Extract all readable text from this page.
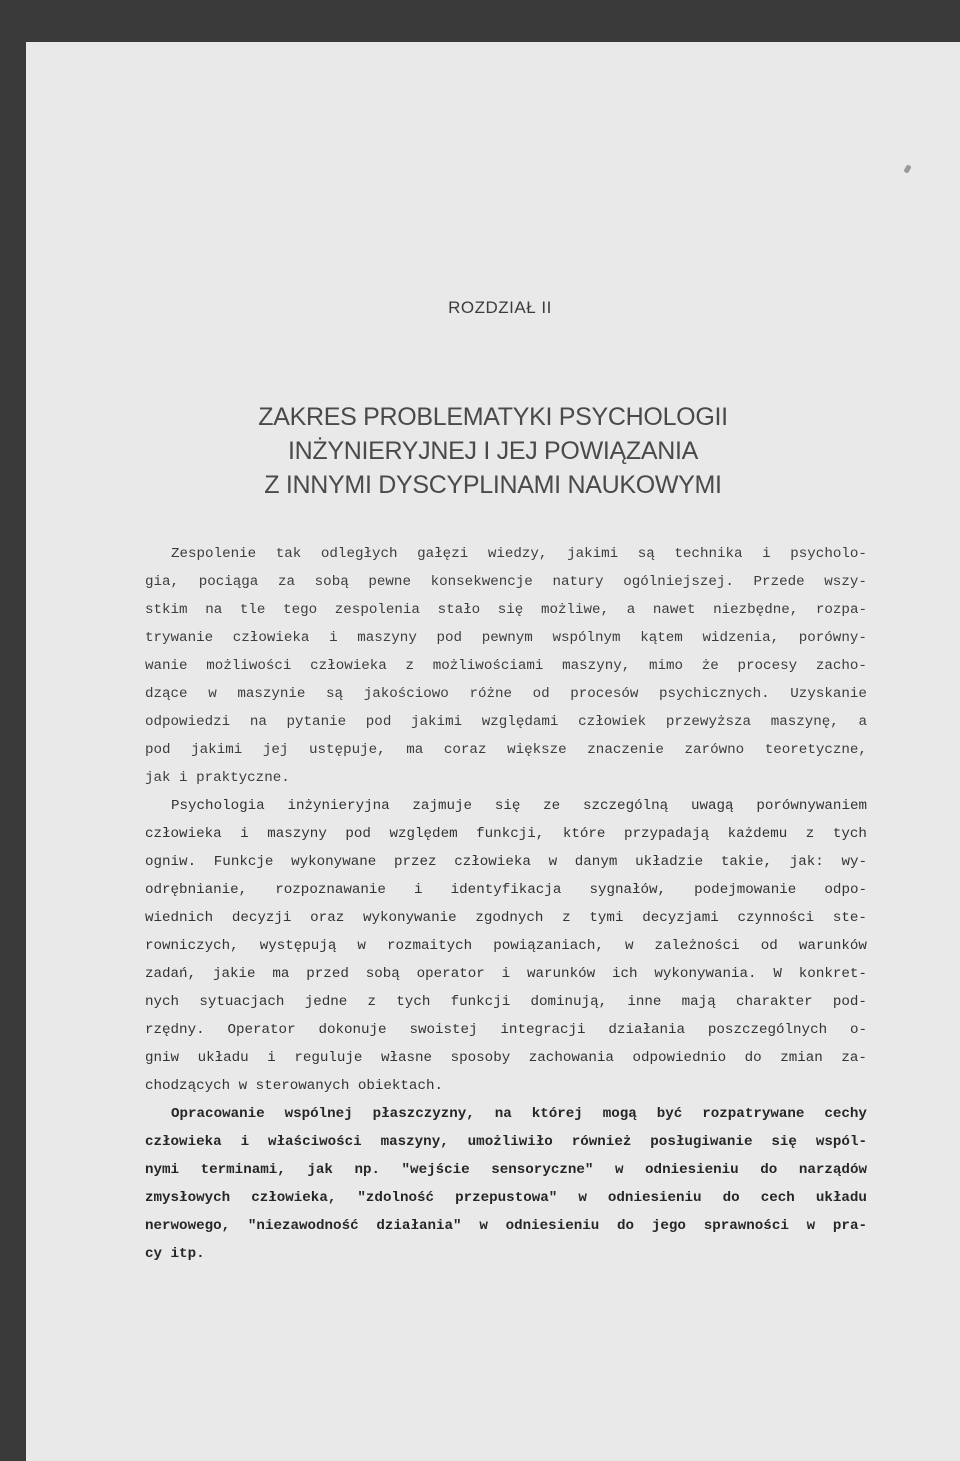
ROZDZIAŁ II
ZAKRES PROBLEMATYKI PSYCHOLOGII
INŻYNIERYJNEJ I JEJ POWIĄZANIA
Z INNYMI DYSCYPLINAMI NAUKOWYMI
Zespolenie tak odległych gałęzi wiedzy, jakimi są technika i psycholo-
gia, pociąga za sobą pewne konsekwencje natury ogólniejszej. Przede wszy-
stkim na tle tego zespolenia stało się możliwe, a nawet niezbędne, rozpa-
trywanie człowieka i maszyny pod pewnym wspólnym kątem widzenia, porówny-
wanie możliwości człowieka z możliwościami maszyny, mimo że procesy zacho-
dzące w maszynie są jakościowo różne od procesów psychicznych. Uzyskanie
odpowiedzi na pytanie pod jakimi względami człowiek przewyższa maszynę, a
pod jakimi jej ustępuje, ma coraz większe znaczenie zarówno teoretyczne,
jak i praktyczne.
Psychologia inżynieryjna zajmuje się ze szczególną uwagą porównywaniem
człowieka i maszyny pod względem funkcji, które przypadają każdemu z tych
ogniw. Funkcje wykonywane przez człowieka w danym układzie takie, jak: wy-
odrębnianie, rozpoznawanie i identyfikacja sygnałów, podejmowanie odpo-
wiednich decyzji oraz wykonywanie zgodnych z tymi decyzjami czynności ste-
rowniczych, występują w rozmaitych powiązaniach, w zależności od warunków
zadań, jakie ma przed sobą operator i warunków ich wykonywania. W konkret-
nych sytuacjach jedne z tych funkcji dominują, inne mają charakter pod-
rzędny. Operator dokonuje swoistej integracji działania poszczególnych o-
gniw układu i reguluje własne sposoby zachowania odpowiednio do zmian za-
chodzących w sterowanych obiektach.
Opracowanie wspólnej płaszczyzny, na której mogą być rozpatrywane cechy
człowieka i właściwości maszyny, umożliwiło również posługiwanie się wspól-
nymi terminami, jak np. "wejście sensoryczne" w odniesieniu do narządów
zmysłowych człowieka, "zdolność przepustowa" w odniesieniu do cech układu
nerwowego, "niezawodność działania" w odniesieniu do jego sprawności w pra-
cy itp.
